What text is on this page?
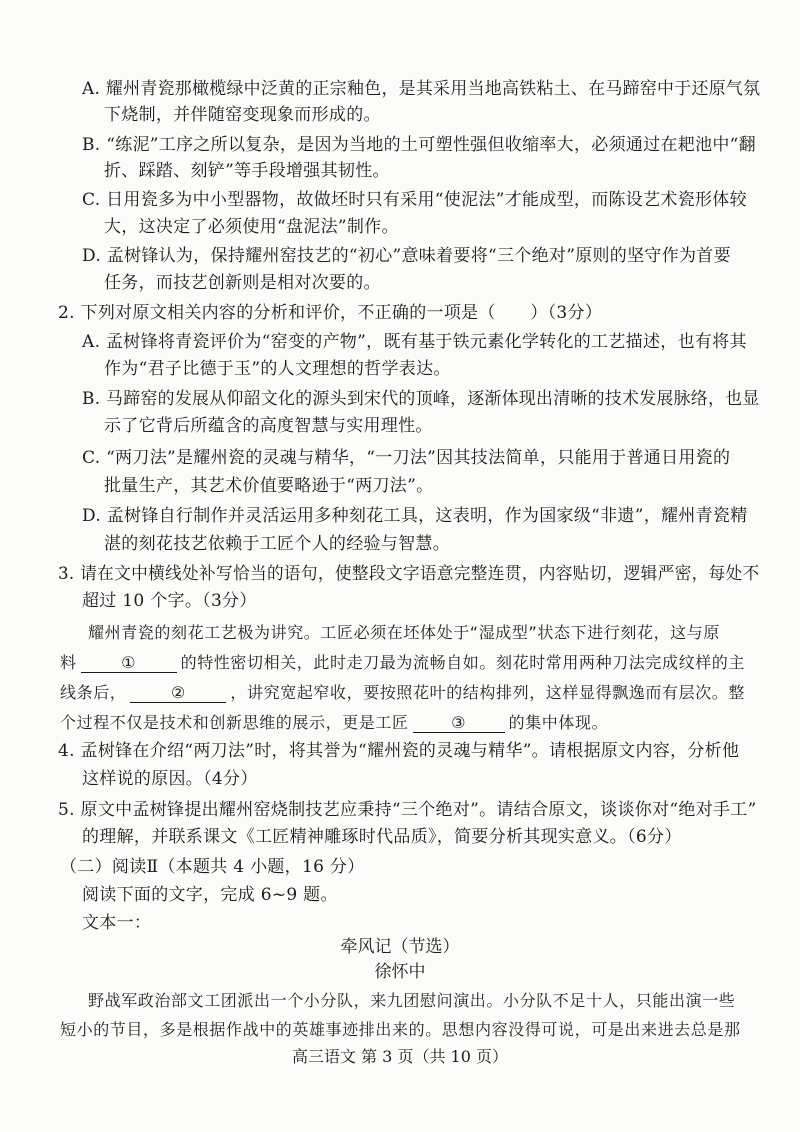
A. 耀州青瓷那橄榄绿中泛黄的正宗釉色，是其采用当地高铁粘土、在马蹄窑中于还原气氛
下烧制，并伴随窑变现象而形成的。
B. “练泥”工序之所以复杂，是因为当地的土可塑性强但收缩率大，必须通过在耙池中“翻
折、踩踏、刻铲”等手段增强其韧性。
C. 日用瓷多为中小型器物，故做坯时只有采用“使泥法”才能成型，而陈设艺术瓷形体较
大，这决定了必须使用“盘泥法”制作。
D. 孟树锋认为，保持耀州窑技艺的“初心”意味着要将“三个绝对”原则的坚守作为首要
任务，而技艺创新则是相对次要的。
2. 下列对原文相关内容的分析和评价，不正确的一项是（　　）（3分）
A. 孟树锋将青瓷评价为“窑变的产物”，既有基于铁元素化学转化的工艺描述，也有将其
作为“君子比德于玉”的人文理想的哲学表达。
B. 马蹄窑的发展从仰韶文化的源头到宋代的顶峰，逐渐体现出清晰的技术发展脉络，也显
示了它背后所蕴含的高度智慧与实用理性。
C. “两刀法”是耀州瓷的灵魂与精华，“一刀法”因其技法简单，只能用于普通日用瓷的
批量生产，其艺术价值要略逊于“两刀法”。
D. 孟树锋自行制作并灵活运用多种刻花工具，这表明，作为国家级“非遗”，耀州青瓷精
湛的刻花技艺依赖于工匠个人的经验与智慧。
3. 请在文中横线处补写恰当的语句，使整段文字语意完整连贯，内容贴切，逻辑严密，每处不
超过 10 个字。（3分）
耀州青瓷的刻花工艺极为讲究。工匠必须在坯体处于“湿成型”状态下进行刻花，这与原
料	①	的特性密切相关，此时走刀最为流畅自如。刻花时常用两种刀法完成纹样的主
线条后，	②	，讲究宽起窄收，要按照花叶的结构排列，这样显得飘逸而有层次。整
个过程不仅是技术和创新思维的展示，更是工匠	③	的集中体现。
4. 孟树锋在介绍“两刀法”时，将其誉为“耀州瓷的灵魂与精华”。请根据原文内容，分析他
这样说的原因。（4分）
5. 原文中孟树锋提出耀州窑烧制技艺应秉持“三个绝对”。请结合原文，谈谈你对“绝对手工”
的理解，并联系课文《工匠精神雕琢时代品质》，简要分析其现实意义。（6分）
（二）阅读Ⅱ（本题共 4 小题，16 分）
阅读下面的文字，完成 6~9 题。
文本一：
牵风记（节选）
徐怀中
野战军政治部文工团派出一个小分队，来九团慰问演出。小分队不足十人，只能出演一些
短小的节目，多是根据作战中的英雄事迹排出来的。思想内容没得可说，可是出来进去总是那
高三语文 第 3 页（共 10 页）
